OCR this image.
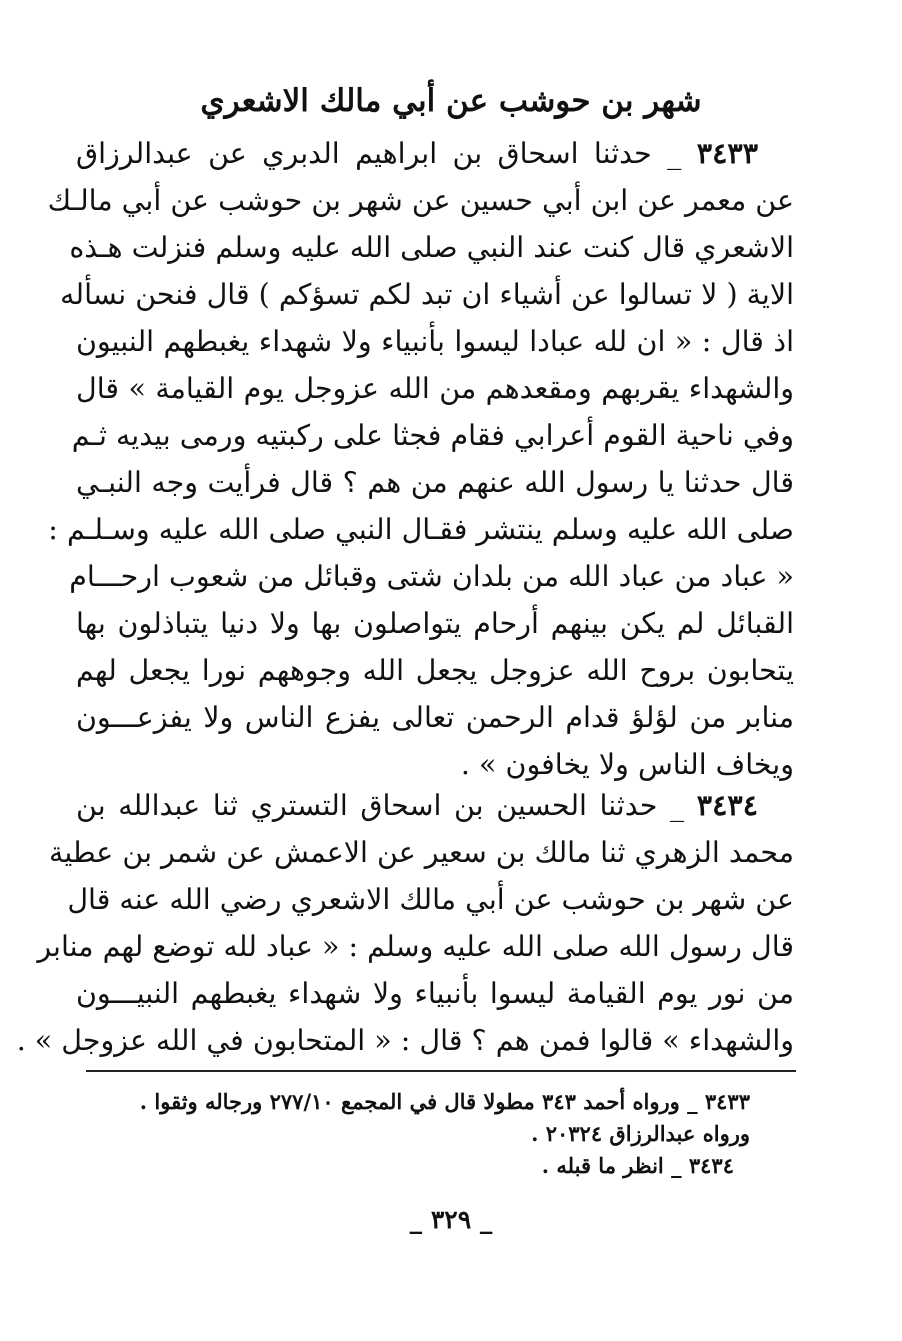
شهر بن حوشب عن أبي مالك الاشعري
٣٤٣٣ _ حدثنا اسحاق بن ابراهيم الدبري عن عبدالرزاق
عن معمر عن ابن أبي حسين عن شهر بن حوشب عن أبي مالـك
الاشعري قال كنت عند النبي صلى الله عليه وسلم فنزلت هـذه
الاية ( لا تسالوا عن أشياء ان تبد لكم تسؤكم ) قال فنحن نسأله
اذ قال : « ان لله عبادا ليسوا بأنبياء ولا شهداء يغبطهم النبيون
والشهداء يقربهم ومقعدهم من الله عزوجل يوم القيامة » قال
وفي ناحية القوم أعرابي فقام فجثا على ركبتيه ورمى بيديه ثـم
قال حدثنا يا رسول الله عنهم من هم ؟ قال فرأيت وجه النبـي
صلى الله عليه وسلم ينتشر فقـال النبي صلى الله عليه وسـلـم :
« عباد من عباد الله من بلدان شتى وقبائل من شعوب ارحـــام
القبائل لم يكن بينهم أرحام يتواصلون بها ولا دنيا يتباذلون بها
يتحابون بروح الله عزوجل يجعل الله وجوههم نورا يجعل لهم
منابر من لؤلؤ قدام الرحمن تعالى يفزع الناس ولا يفزعـــون
ويخاف الناس ولا يخافون » .
٣٤٣٤ _ حدثنا الحسين بن اسحاق التستري ثنا عبدالله بن
محمد الزهري ثنا مالك بن سعير عن الاعمش عن شمر بن عطية
عن شهر بن حوشب عن أبي مالك الاشعري رضي الله عنه قال
قال رسول الله صلى الله عليه وسلم : « عباد لله توضع لهم منابر
من نور يوم القيامة ليسوا بأنبياء ولا شهداء يغبطهم النبيـــون
والشهداء » قالوا فمن هم ؟ قال : « المتحابون في الله عزوجل » .
٣٤٣٣ _ ورواه أحمد ٣٤٣ مطولا قال في المجمع ٢٧٧/١٠ ورجاله وثقوا .
ورواه عبدالرزاق ٢٠٣٢٤ .
٣٤٣٤ _ انظر ما قبله .
_ ٣٢٩ _
